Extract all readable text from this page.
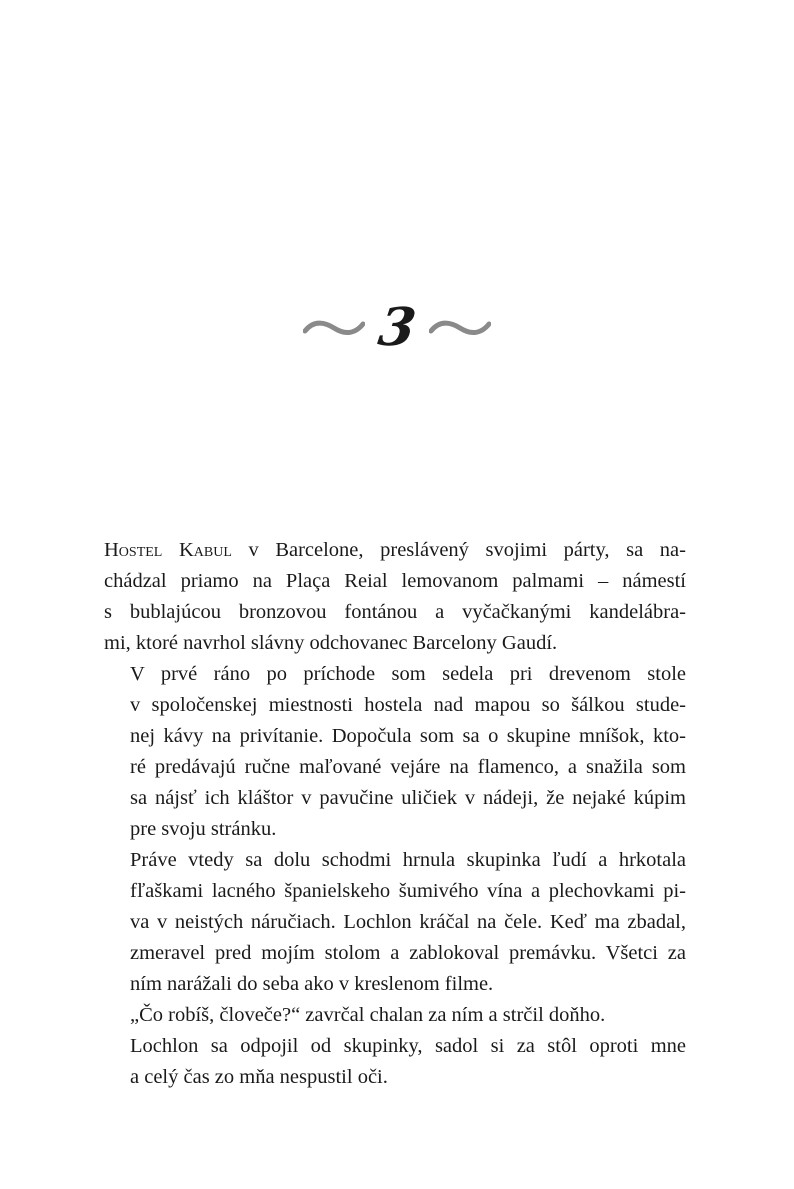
3

Hostel Kabul v Barcelone, preslávený svojimi párty, sa na-
chádzal priamo na Plaça Reial lemovanom palmami – námestí
s bublajúcou bronzovou fontánou a vyčačkanými kandelábra-
mi, ktoré navrhol slávny odchovanec Barcelony Gaudí.

V prvé ráno po príchode som sedela pri drevenom stole
v spoločenskej miestnosti hostela nad mapou so šálkou stude-
nej kávy na privítanie. Dopočula som sa o skupine mníšok, kto-
ré predávajú ručne maľované vejáre na flamenco, a snažila som
sa nájsť ich kláštor v pavučine uličiek v nádeji, že nejaké kúpim
pre svoju stránku.

Práve vtedy sa dolu schodmi hrnula skupinka ľudí a hrkotala
fľaškami lacného španielskeho šumivého vína a plechovkami pi-
va v neistých náručiach. Lochlon kráčal na čele. Keď ma zbadal,
zmeravel pred mojím stolom a zablokoval premávku. Všetci za
ním narážali do seba ako v kreslenom filme.

„Čo robíš, človeče?“ zavrčal chalan za ním a strčil doňho.

Lochlon sa odpojil od skupinky, sadol si za stôl oproti mne
a celý čas zo mňa nespustil oči.
